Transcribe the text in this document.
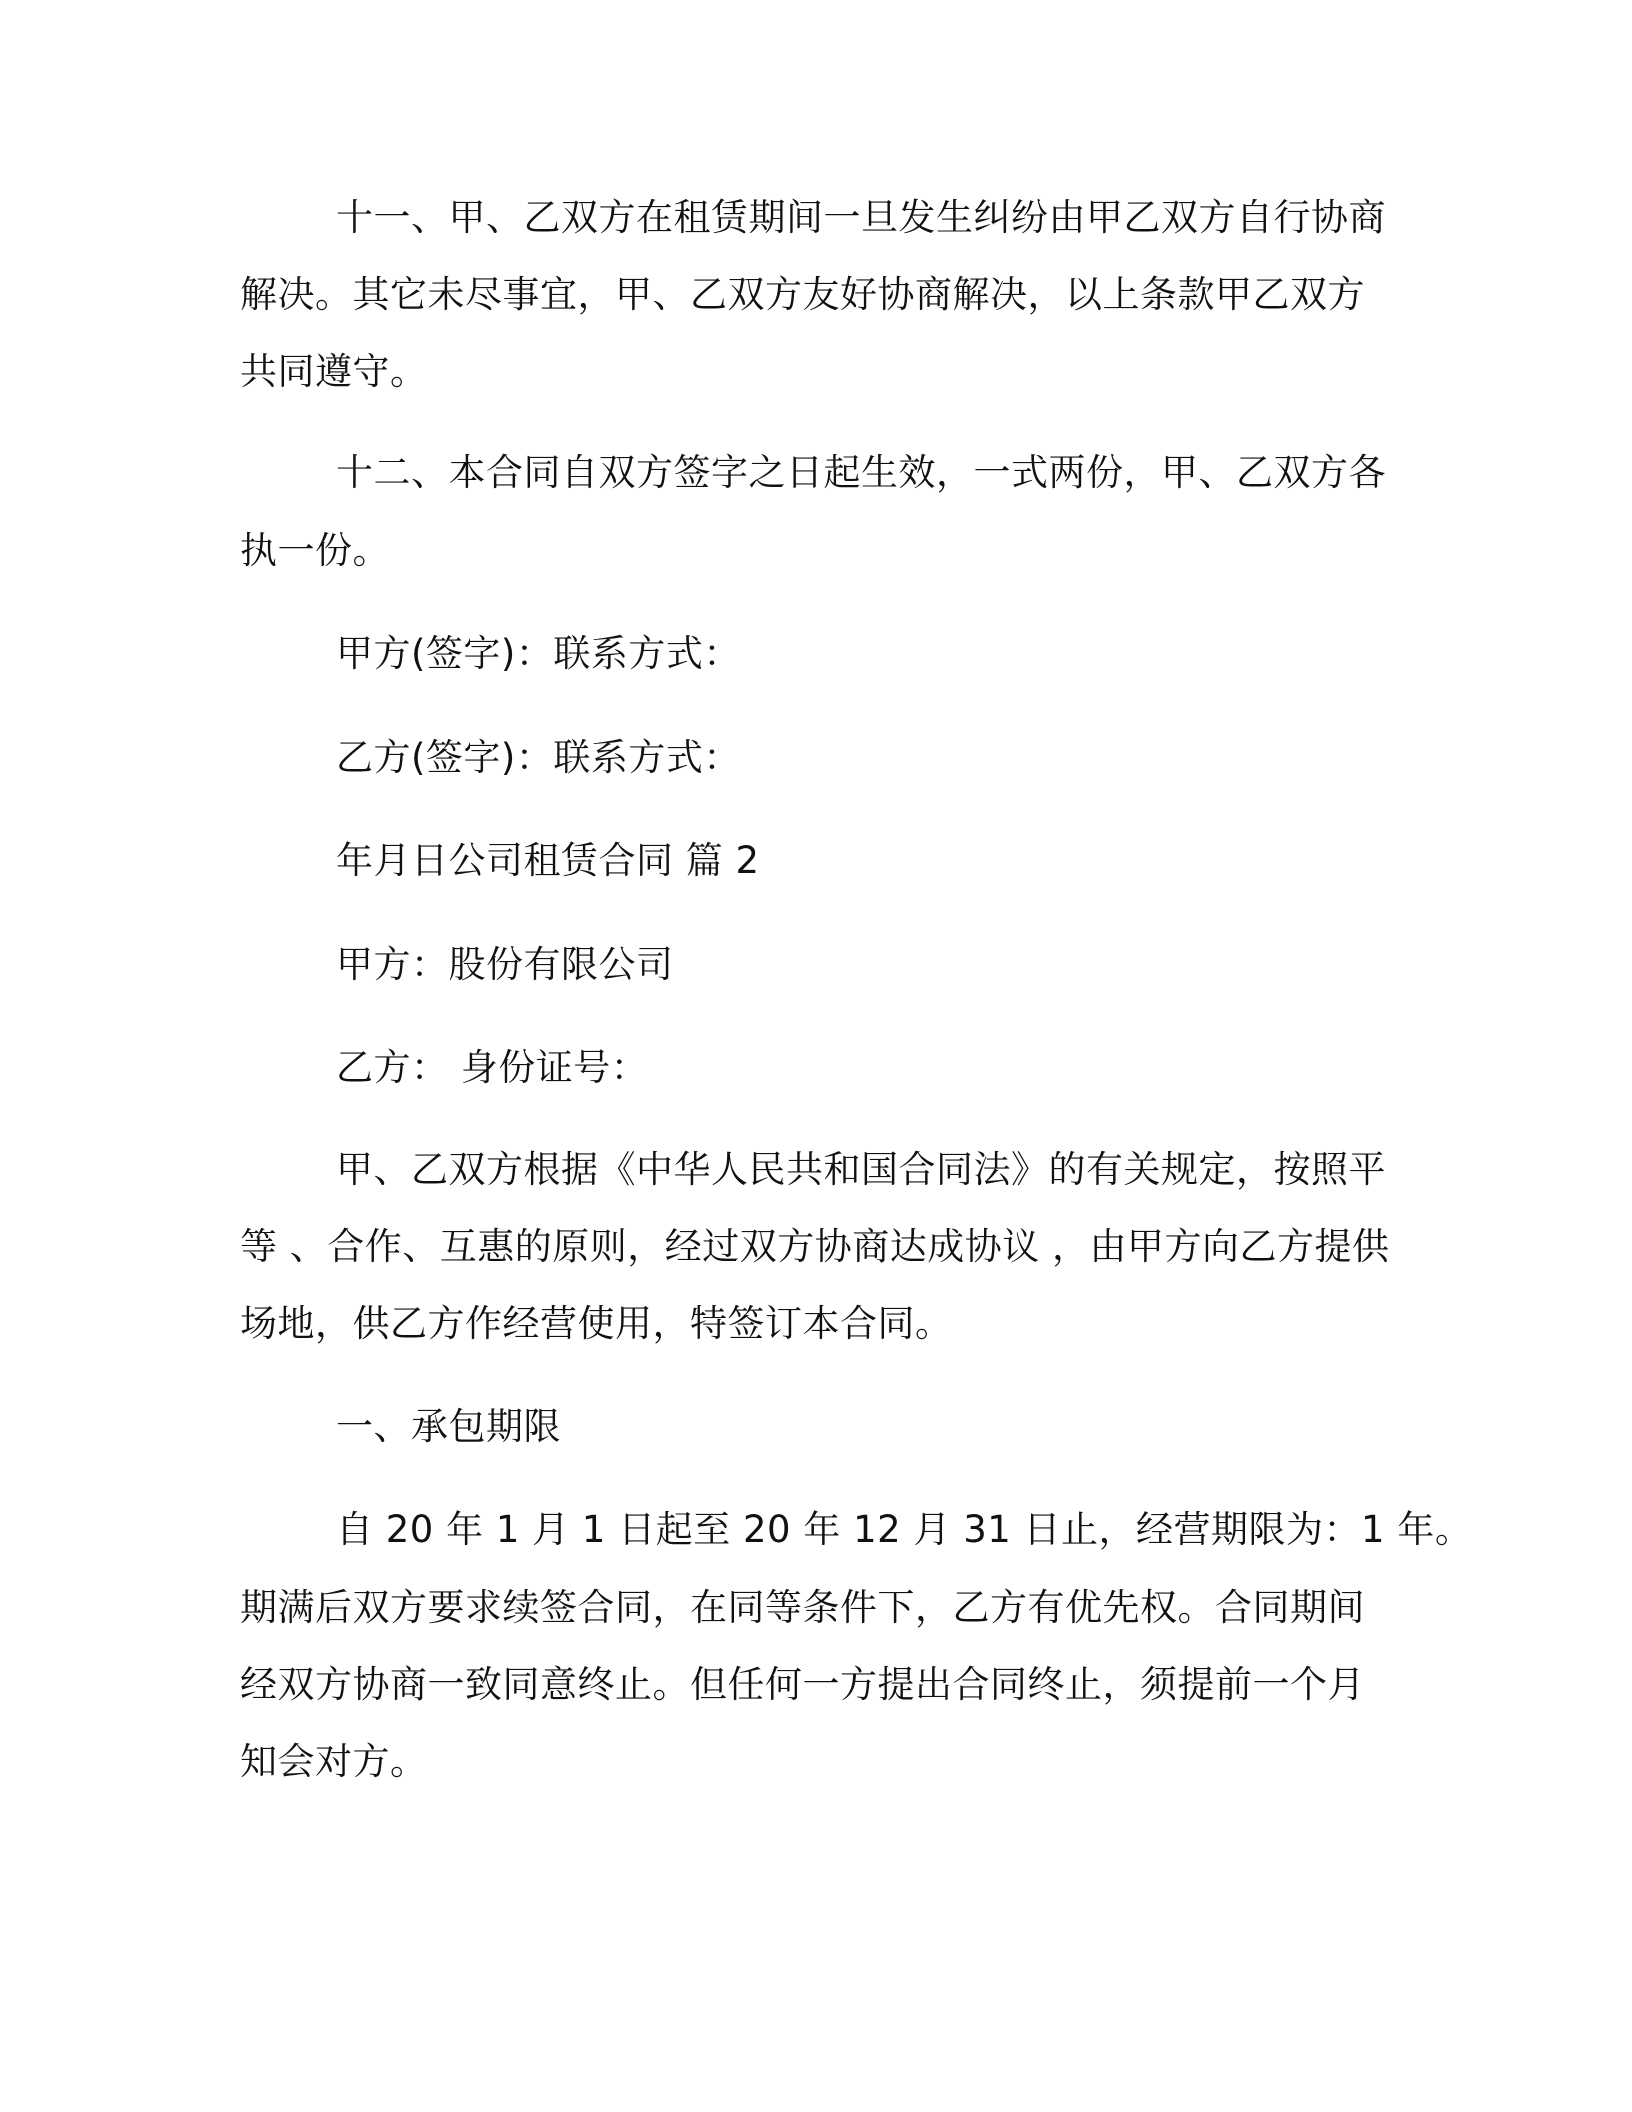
十一、甲、乙双方在租赁期间一旦发生纠纷由甲乙双方自行协商
解决。其它未尽事宜，甲、乙双方友好协商解决，以上条款甲乙双方
共同遵守。
十二、本合同自双方签字之日起生效，一式两份，甲、乙双方各
执一份。
甲方(签字)：联系方式：
乙方(签字)：联系方式：
年月日公司租赁合同 篇 2
甲方：股份有限公司
乙方： 身份证号：
甲、乙双方根据《中华人民共和国合同法》的有关规定，按照平
等 、合作、互惠的原则，经过双方协商达成协议 ，由甲方向乙方提供
场地，供乙方作经营使用，特签订本合同。
一、承包期限
自 20 年 1 月 1 日起至 20 年 12 月 31 日止，经营期限为：1 年。
期满后双方要求续签合同，在同等条件下，乙方有优先权。合同期间
经双方协商一致同意终止。但任何一方提出合同终止，须提前一个月
知会对方。
